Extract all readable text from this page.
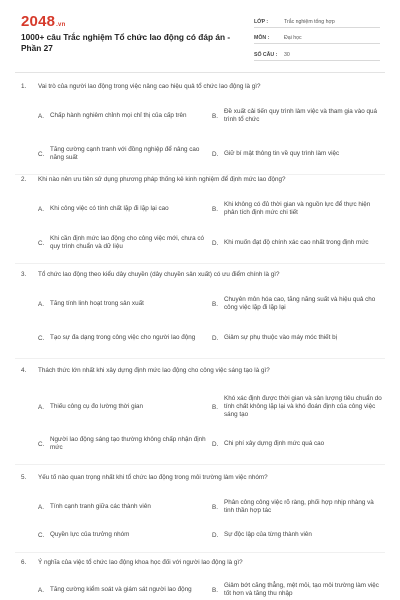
2048.vn
1000+ câu Trắc nghiệm Tổ chức lao động có đáp án - Phần 27
LỚP :	Trắc nghiệm tổng hợp
MÔN :	Đại học
SỐ CÂU :	30
1. Vai trò của người lao động trong việc nâng cao hiệu quả tổ chức lao động là gì?
A. Chấp hành nghiêm chỉnh mọi chỉ thị của cấp trên	B.
Đề xuất cải tiến quy trình làm việc và tham gia vào quá trình tổ chức
C.
Tăng cường cạnh tranh với đồng nghiệp để nâng cao năng suất	D. Giữ bí mật thông tin về quy trình làm việc
2. Khi nào nên ưu tiên sử dụng phương pháp thống kê kinh nghiệm để định mức lao động?
A. Khi công việc có tính chất lặp đi lặp lại cao	B.
Khi không có đủ thời gian và nguồn lực để thực hiện phân tích định mức chi tiết
C.
Khi cần định mức lao động cho công việc mới, chưa có quy trình chuẩn và dữ liệu	D. Khi muốn đạt độ chính xác cao nhất trong định mức
3. Tổ chức lao động theo kiểu dây chuyền (dây chuyền sản xuất) có ưu điểm chính là gì?
A. Tăng tính linh hoạt trong sản xuất	B.
Chuyên môn hóa cao, tăng năng suất và hiệu quả cho công việc lặp đi lặp lại
C. Tạo sự đa dạng trong công việc cho người lao động	D. Giảm sự phụ thuộc vào máy móc thiết bị
4. Thách thức lớn nhất khi xây dựng định mức lao động cho công việc sáng tạo là gì?
A. Thiếu công cụ đo lường thời gian	B.
Khó xác định được thời gian và sản lượng tiêu chuẩn do tính chất không lặp lại và khó đoán định của công việc sáng tạo
C.
Người lao động sáng tạo thường không chấp nhận định mức	D. Chi phí xây dựng định mức quá cao
5. Yếu tố nào quan trọng nhất khi tổ chức lao động trong môi trường làm việc nhóm?
A. Tính cạnh tranh giữa các thành viên	B.
Phân công công việc rõ ràng, phối hợp nhịp nhàng và tinh thần hợp tác
C. Quyền lực của trưởng nhóm	D. Sự độc lập của từng thành viên
6. Ý nghĩa của việc tổ chức lao động khoa học đối với người lao động là gì?
A. Tăng cường kiểm soát và giám sát người lao động	B.
Giảm bớt căng thẳng, mệt mỏi, tạo môi trường làm việc tốt hơn và tăng thu nhập
